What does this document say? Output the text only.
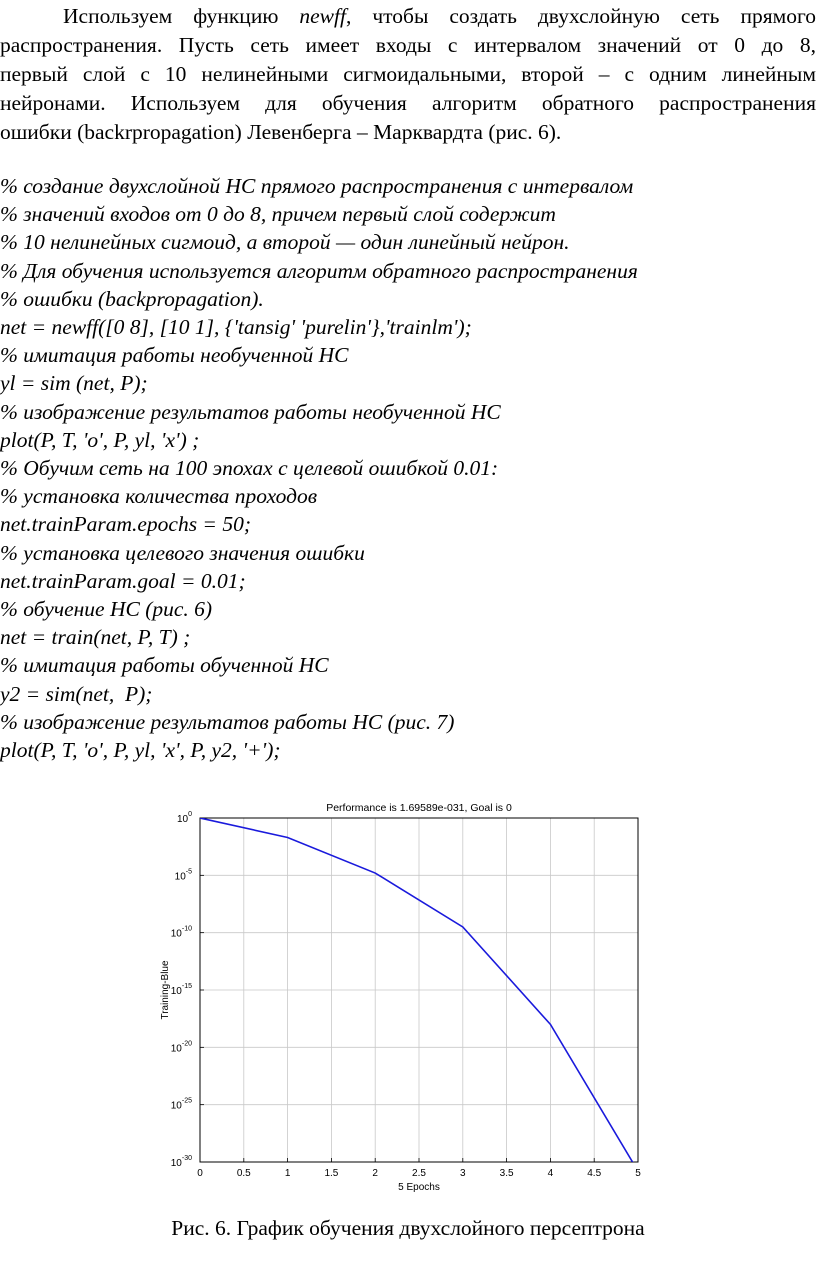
Используем функцию newff, чтобы создать двухслойную сеть прямого
распространения. Пусть сеть имеет входы с интервалом значений от 0 до 8,
первый слой с 10 нелинейными сигмоидальными, второй – с одним линейным
нейронами. Используем для обучения алгоритм обратного распространения
ошибки (backrpropagation) Левенберга – Марквардта (рис. 6).
% создание двухслойной НС прямого распространения с интервалом
% значений входов от 0 до 8, причем первый слой содержит
% 10 нелинейных сигмоид, а второй — один линейный нейрон.
% Для обучения используется алгоритм обратного распространения
% ошибки (backpropagation).
net = newff([0 8], [10 1], {'tansig' 'purelin'},'trainlm');
% имитация работы необученной НС
yl = sim (net, P);
% изображение результатов работы необученной НС
plot(P, T, 'o', P, yl, 'x') ;
% Обучим сеть на 100 эпохах с целевой ошибкой 0.01:
% установка количества проходов
net.trainParam.epochs = 50;
% установка целевого значения ошибки
net.trainParam.goal = 0.01;
% обучение НС (рис. 6)
net = train(net, P, T) ;
% имитация работы обученной НС
y2 = sim(net,  P);
% изображение результатов работы НС (рис. 7)
plot(P, T, 'o', P, yl, 'x', P, y2, '+');
Performance is 1.69589e-031, Goal is 0
0	0.5	1	1.5	2	2.5	3	3.5	4	4.5	5
$10^0$
$10^{-5}$
$10^{-10}$
$10^{-15}$
$10^{-20}$
$10^{-25}$
$10^{-30}$
5 Epochs
Training-Blue
Рис. 6. График обучения двухслойного персептрона
